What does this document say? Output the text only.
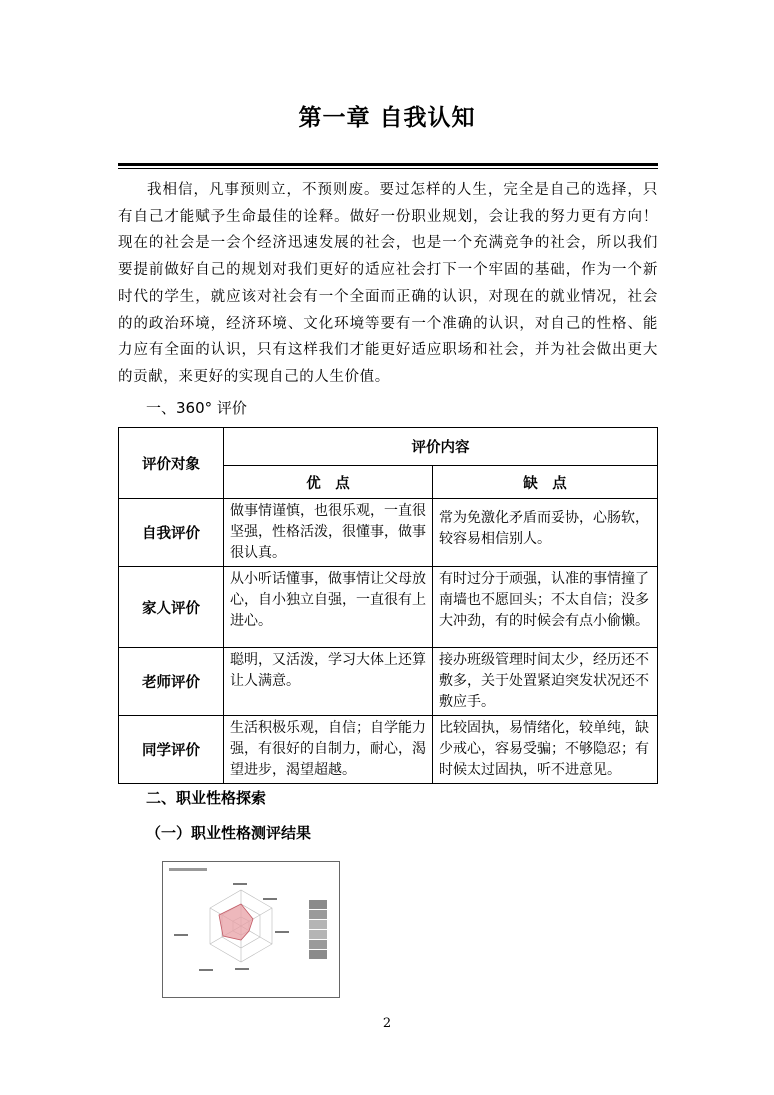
第一章 自我认知

我相信，凡事预则立，不预则废。要过怎样的人生，完全是自己的选择，只有自己才能赋予生命最佳的诠释。做好一份职业规划，会让我的努力更有方向！现在的社会是一会个经济迅速发展的社会，也是一个充满竞争的社会，所以我们要提前做好自己的规划对我们更好的适应社会打下一个牢固的基础，作为一个新时代的学生，就应该对社会有一个全面而正确的认识，对现在的就业情况，社会的的政治环境，经济环境、文化环境等要有一个准确的认识，对自己的性格、能力应有全面的认识，只有这样我们才能更好适应职场和社会，并为社会做出更大的贡献，来更好的实现自己的人生价值。

一、360° 评价
评价对象	评价内容	
	优　点	缺　点
自我评价	做事情谨慎，也很乐观，一直很坚强，性格活泼，很懂事，做事很认真。	常为免激化矛盾而妥协，心肠软，较容易相信别人。
家人评价	从小听话懂事，做事情让父母放心，自小独立自强，一直很有上进心。	有时过分于顽强，认准的事情撞了南墙也不愿回头；不太自信；没多大冲劲，有的时候会有点小偷懒。
老师评价	聪明，又活泼，学习大体上还算让人满意。	接办班级管理时间太少，经历还不敷多，关于处置紧迫突发状况还不敷应手。
同学评价	生活积极乐观，自信；自学能力强，有很好的自制力，耐心，渴望进步，渴望超越。	比较固执，易情绪化，较单纯，缺少戒心，容易受骗；不够隐忍；有时候太过固执，听不进意见。
二、职业性格探索
（一）职业性格测评结果
2
